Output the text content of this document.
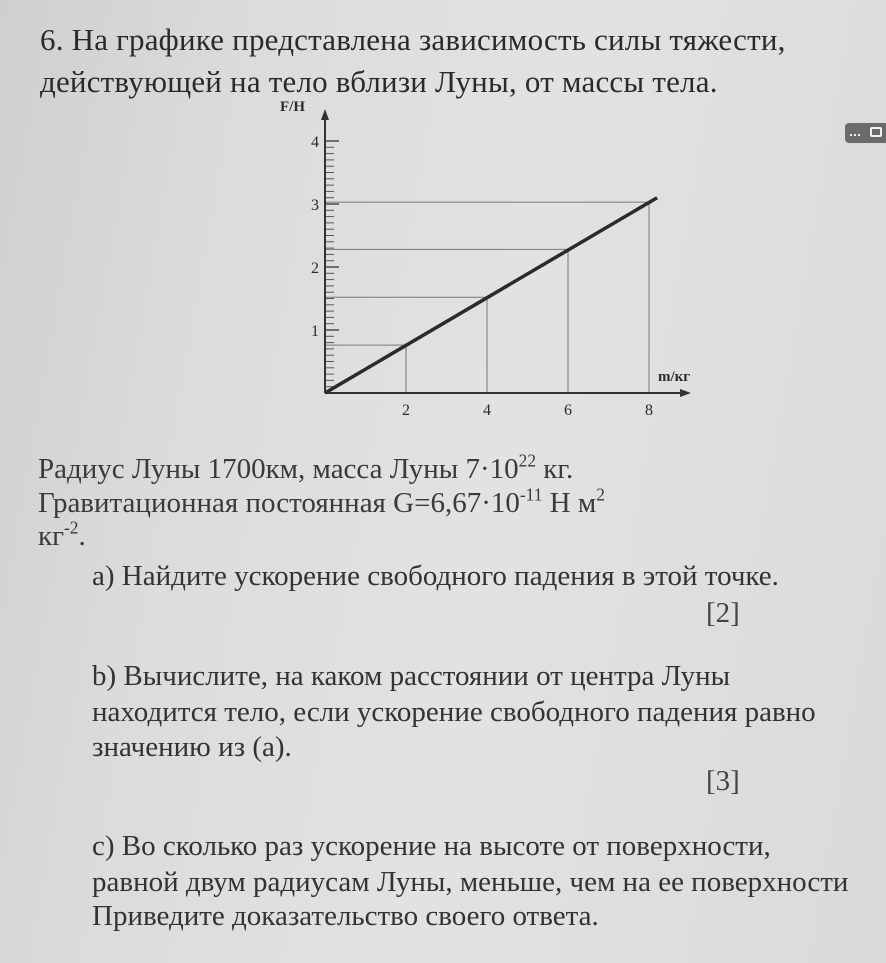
6. На графике представлена зависимость силы тяжести,
действующей на тело вблизи Луны, от массы тела.
F/H
m/кг
2	4	6	8
1
2
3
4
Радиус Луны 1700км, масса Луны $7\cdot 10^{22}$ кг.
Гравитационная постоянная $G=6,67\cdot 10^{-11}$ Н $м^2$
$кг^{-2}$.
a) Найдите ускорение свободного падения в этой точке.
[2]
b) Вычислите, на каком расстоянии от центра Луны
находится тело, если ускорение свободного падения равно
значению из (а).
[3]
c) Во сколько раз ускорение на высоте от поверхности,
равной двум радиусам Луны, меньше, чем на ее поверхности
Приведите доказательство своего ответа.
